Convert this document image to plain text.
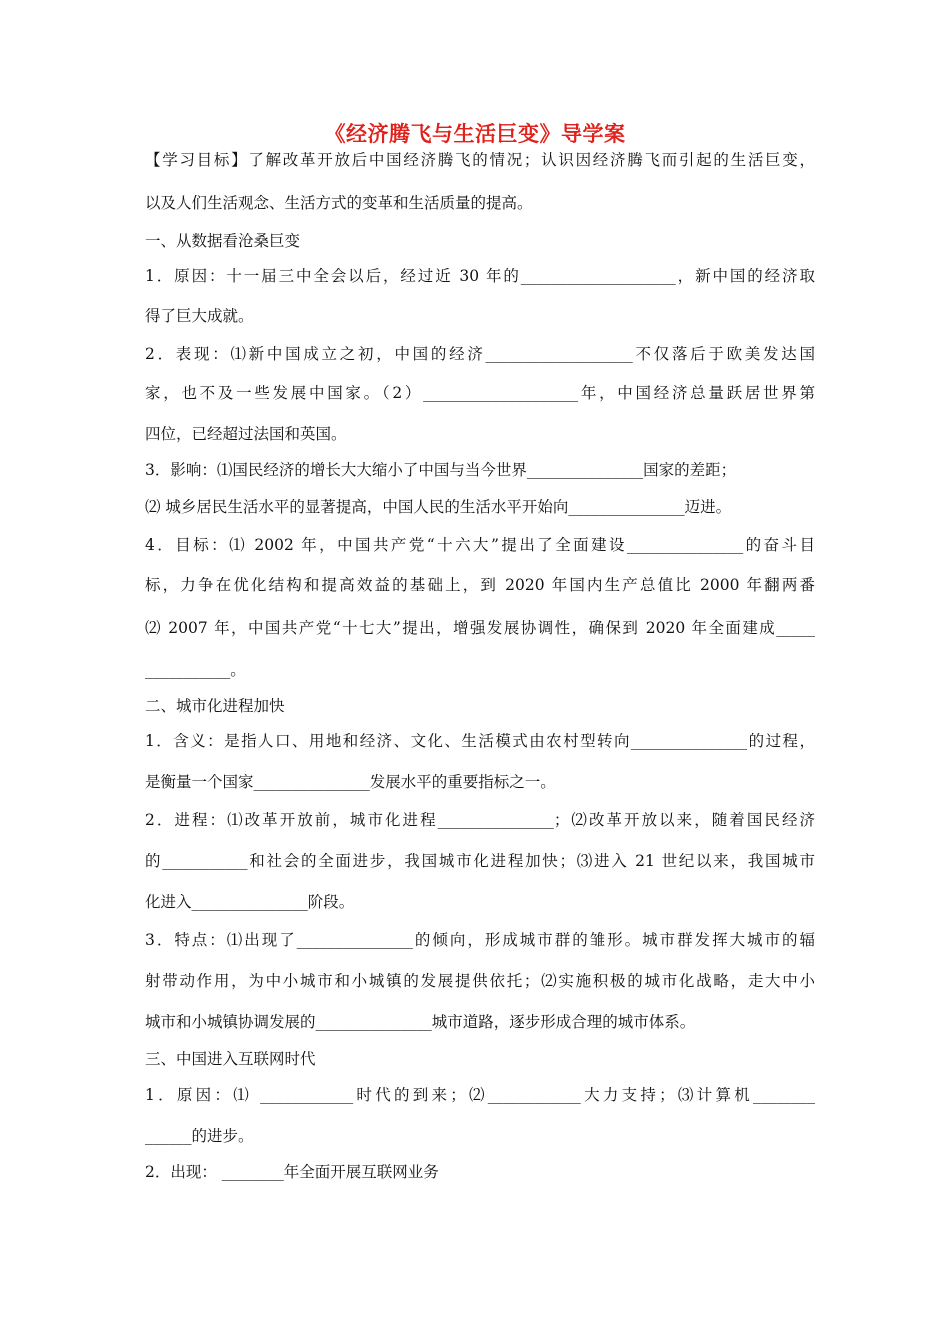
《经济腾飞与生活巨变》导学案
【学习目标】了解改革开放后中国经济腾飞的情况；认识因经济腾飞而引起的生活巨变，
以及人们生活观念、生活方式的变革和生活质量的提高。
一、从数据看沧桑巨变
1．原因：十一届三中全会以后，经过近 30 年的____________________，新中国的经济取
得了巨大成就。
2．表现：⑴新中国成立之初，中国的经济___________________不仅落后于欧美发达国
家，也不及一些发展中国家。（2）____________________年，中国经济总量跃居世界第
四位，已经超过法国和英国。
3．影响：⑴国民经济的增长大大缩小了中国与当今世界_______________国家的差距；
⑵ 城乡居民生活水平的显著提高，中国人民的生活水平开始向_______________迈进。
4．目标：⑴ 2002 年，中国共产党“十六大”提出了全面建设_______________的奋斗目
标，力争在优化结构和提高效益的基础上，到 2020 年国内生产总值比 2000 年翻两番
⑵ 2007 年，中国共产党“十七大”提出，增强发展协调性，确保到 2020 年全面建成_____
___________。
二、城市化进程加快
1．含义：是指人口、用地和经济、文化、生活模式由农村型转向_______________的过程，
是衡量一个国家_______________发展水平的重要指标之一。
2．进程：⑴改革开放前，城市化进程_______________；⑵改革开放以来，随着国民经济
的___________和社会的全面进步，我国城市化进程加快；⑶进入 21 世纪以来，我国城市
化进入_______________阶段。
3．特点：⑴出现了_______________的倾向，形成城市群的雏形。城市群发挥大城市的辐
射带动作用，为中小城市和小城镇的发展提供依托；⑵实施积极的城市化战略，走大中小
城市和小城镇协调发展的_______________城市道路，逐步形成合理的城市体系。
三、中国进入互联网时代
1．原因：⑴ ____________时代的到来；⑵____________大力支持；⑶计算机________
______的进步。
2．出现： ________年全面开展互联网业务
